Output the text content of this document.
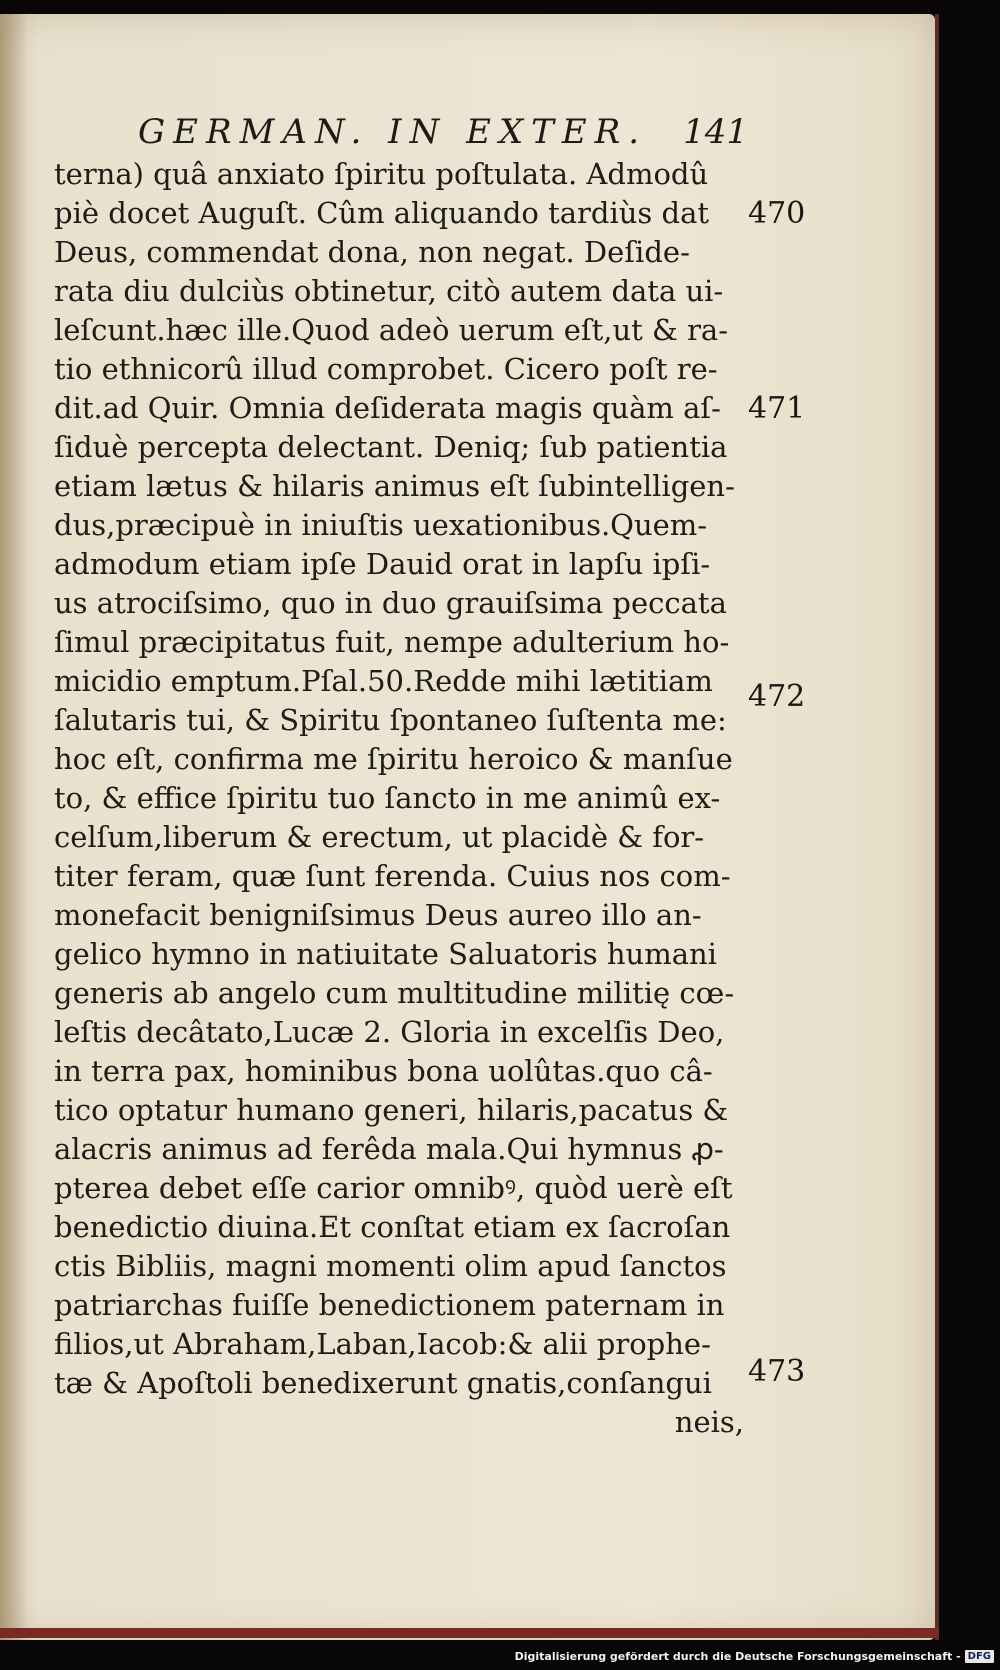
GERMAN. IN EXTER. 141
terna) quâ anxiato ſpiritu poſtulata. Admodû
piè docet Auguſt. Cûm aliquando tardiùs dat
Deus, commendat dona, non negat. Deſide-
rata diu dulciùs obtinetur, citò autem data ui-
leſcunt.hæc ille.Quod adeò uerum eſt,ut & ra-
tio ethnicorû illud comprobet. Cicero poſt re-
dit.ad Quir. Omnia deſiderata magis quàm aſ-
ſiduè percepta delectant. Deniq; ſub patientia
etiam lætus & hilaris animus eſt ſubintelligen-
dus,præcipuè in iniuſtis uexationibus.Quem-
admodum etiam ipſe Dauid orat in lapſu ipſi-
us atrociſsimo, quo in duo grauiſsima peccata
ſimul præcipitatus fuit, nempe adulterium ho-
micidio emptum.Pſal.50.Redde mihi lætitiam
ſalutaris tui, & Spiritu ſpontaneo ſuſtenta me:
hoc eſt, confirma me ſpiritu heroico & manſue
to, & effice ſpiritu tuo ſancto in me animû ex-
celſum,liberum & erectum, ut placidè & for-
titer feram, quæ ſunt ferenda. Cuius nos com-
monefacit benigniſsimus Deus aureo illo an-
gelico hymno in natiuitate Saluatoris humani
generis ab angelo cum multitudine militię cœ-
leſtis decâtato,Lucæ 2. Gloria in excelſis Deo,
in terra pax, hominibus bona uolûtas.quo câ-
tico optatur humano generi, hilaris,pacatus &
alacris animus ad ferêda mala.Qui hymnus ꝓ-
pterea debet eſſe carior omnibꝰ, quòd uerè eſt
benedictio diuina.Et conſtat etiam ex ſacroſan
ctis Bibliis, magni momenti olim apud ſanctos
patriarchas fuiſſe benedictionem paternam in
filios,ut Abraham,Laban,Iacob:& alii prophe-
tæ & Apoſtoli benedixerunt gnatis,conſangui
neis,
470
471
472
473
Digitalisierung gefördert durch die Deutsche Forschungsgemeinschaft - DFG
